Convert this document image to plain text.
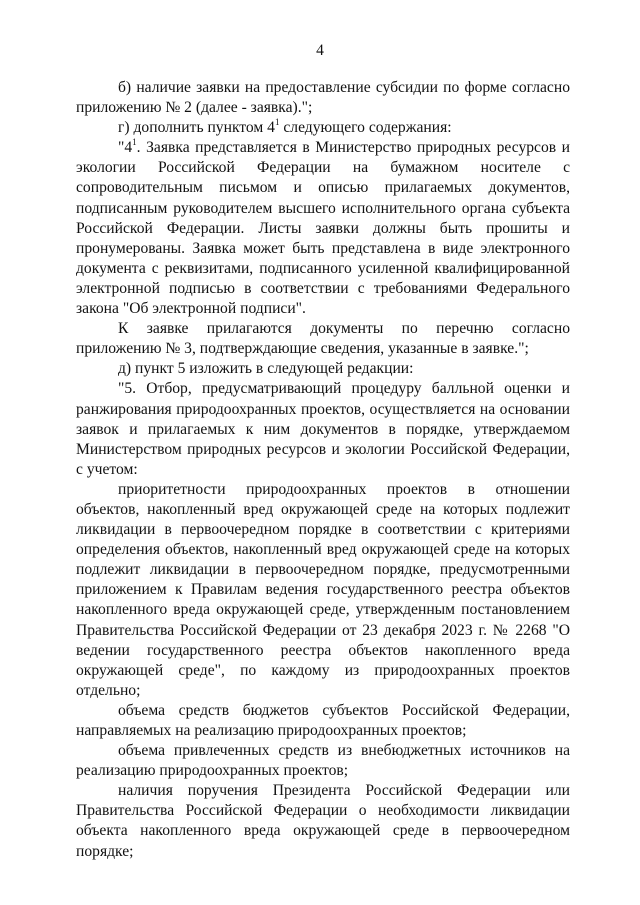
4

б) наличие заявки на предоставление субсидии по форме согласно приложению № 2 (далее - заявка).";

г) дополнить пунктом $4^1$ следующего содержания:

"$4^1$. Заявка представляется в Министерство природных ресурсов и экологии Российской Федерации на бумажном носителе с сопроводительным письмом и описью прилагаемых документов, подписанным руководителем высшего исполнительного органа субъекта Российской Федерации. Листы заявки должны быть прошиты и пронумерованы. Заявка может быть представлена в виде электронного документа с реквизитами, подписанного усиленной квалифицированной электронной подписью в соответствии с требованиями Федерального закона "Об электронной подписи".

К заявке прилагаются документы по перечню согласно приложению № 3, подтверждающие сведения, указанные в заявке.";

д) пункт 5 изложить в следующей редакции:

"5. Отбор, предусматривающий процедуру балльной оценки и ранжирования природоохранных проектов, осуществляется на основании заявок и прилагаемых к ним документов в порядке, утверждаемом Министерством природных ресурсов и экологии Российской Федерации, с учетом:

приоритетности природоохранных проектов в отношении объектов, накопленный вред окружающей среде на которых подлежит ликвидации в первоочередном порядке в соответствии с критериями определения объектов, накопленный вред окружающей среде на которых подлежит ликвидации в первоочередном порядке, предусмотренными приложением к Правилам ведения государственного реестра объектов накопленного вреда окружающей среде, утвержденным постановлением Правительства Российской Федерации от 23 декабря 2023 г. № 2268 "О ведении государственного реестра объектов накопленного вреда окружающей среде", по каждому из природоохранных проектов отдельно;

объема средств бюджетов субъектов Российской Федерации, направляемых на реализацию природоохранных проектов;

объема привлеченных средств из внебюджетных источников на реализацию природоохранных проектов;

наличия поручения Президента Российской Федерации или Правительства Российской Федерации о необходимости ликвидации объекта накопленного вреда окружающей среде в первоочередном порядке;
